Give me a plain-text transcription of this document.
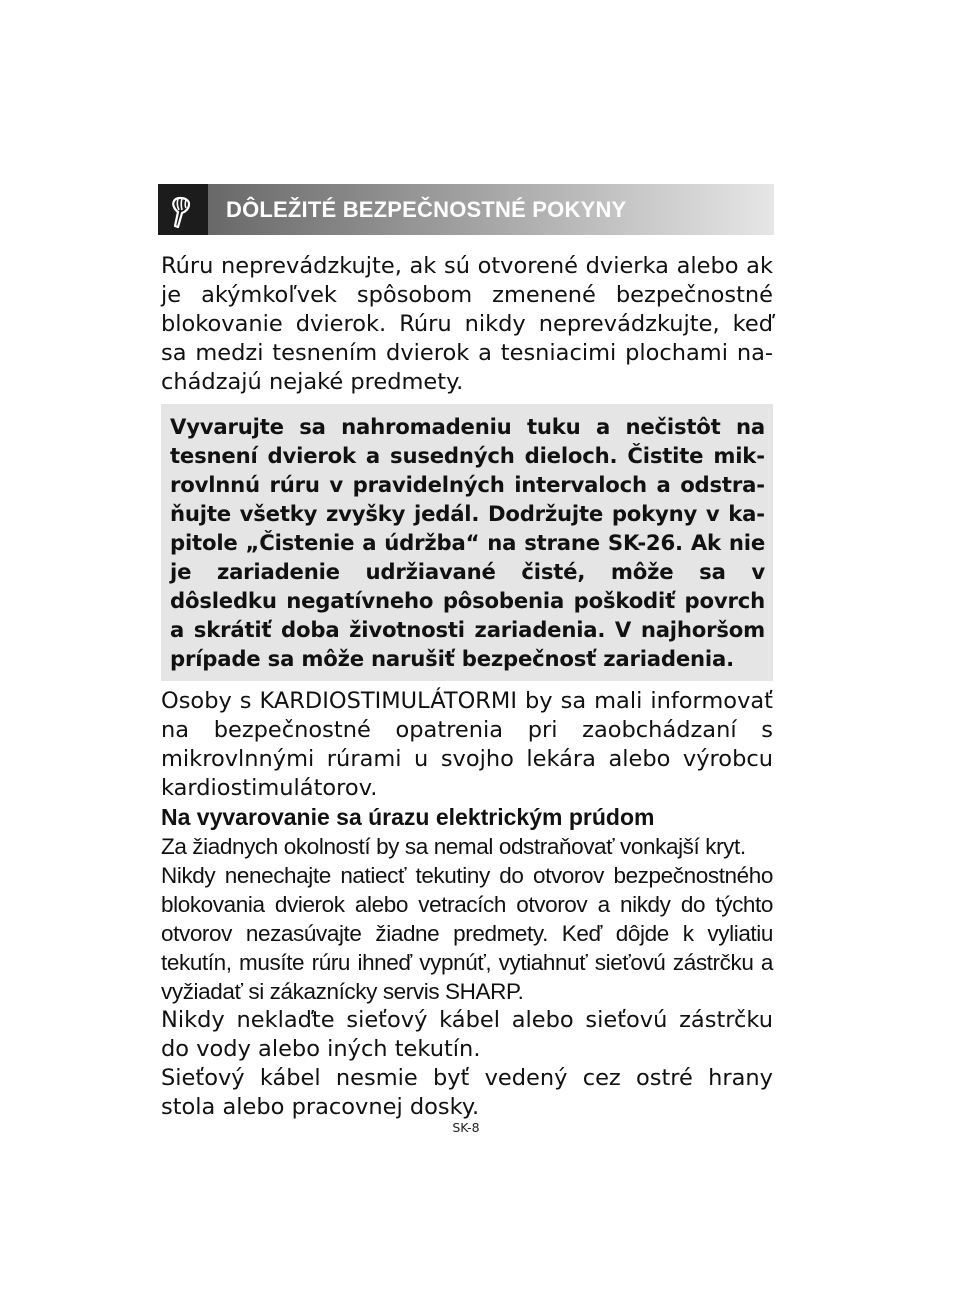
DÔLEŽITÉ BEZPEČNOSTNÉ POKYNY

Rúru neprevádzkujte, ak sú otvorené dvierka alebo ak je akýmkoľvek spôsobom zmenené bezpečnostné blokovanie dvierok. Rúru nikdy neprevádzkujte, keď sa medzi tesnením dvierok a tesniacimi plochami nachádzajú nejaké predmety.

Vyvarujte sa nahromadeniu tuku a nečistôt na tesnení dvierok a susedných dieloch. Čistite mikrovlnnú rúru v pravidelných intervaloch a odstraňujte všetky zvyšky jedál. Dodržujte pokyny v kapitole „Čistenie a údržba“ na strane SK-26. Ak nie je zariadenie udržiavané čisté, môže sa v dôsledku negatívneho pôsobenia poškodiť povrch a skrátiť doba životnosti zariadenia. V najhoršom prípade sa môže narušiť bezpečnosť zariadenia.

Osoby s KARDIOSTIMULÁTORMI by sa mali informovať na bezpečnostné opatrenia pri zaobchádzaní s mikrovlnnými rúrami u svojho lekára alebo výrobcu kardiostimulátorov.

Na vyvarovanie sa úrazu elektrickým prúdom

Za žiadnych okolností by sa nemal odstraňovať vonkajší kryt.

Nikdy nenechajte natiecť tekutiny do otvorov bezpečnostného blokovania dvierok alebo vetracích otvorov a nikdy do týchto otvorov nezasúvajte žiadne predmety. Keď dôjde k vyliatiu tekutín, musíte rúru ihneď vypnúť, vytiahnuť sieťovú zástrčku a vyžiadať si zákaznícky servis SHARP.

Nikdy neklaďte sieťový kábel alebo sieťovú zástrčku do vody alebo iných tekutín.

Sieťový kábel nesmie byť vedený cez ostré hrany stola alebo pracovnej dosky.

SK-8
